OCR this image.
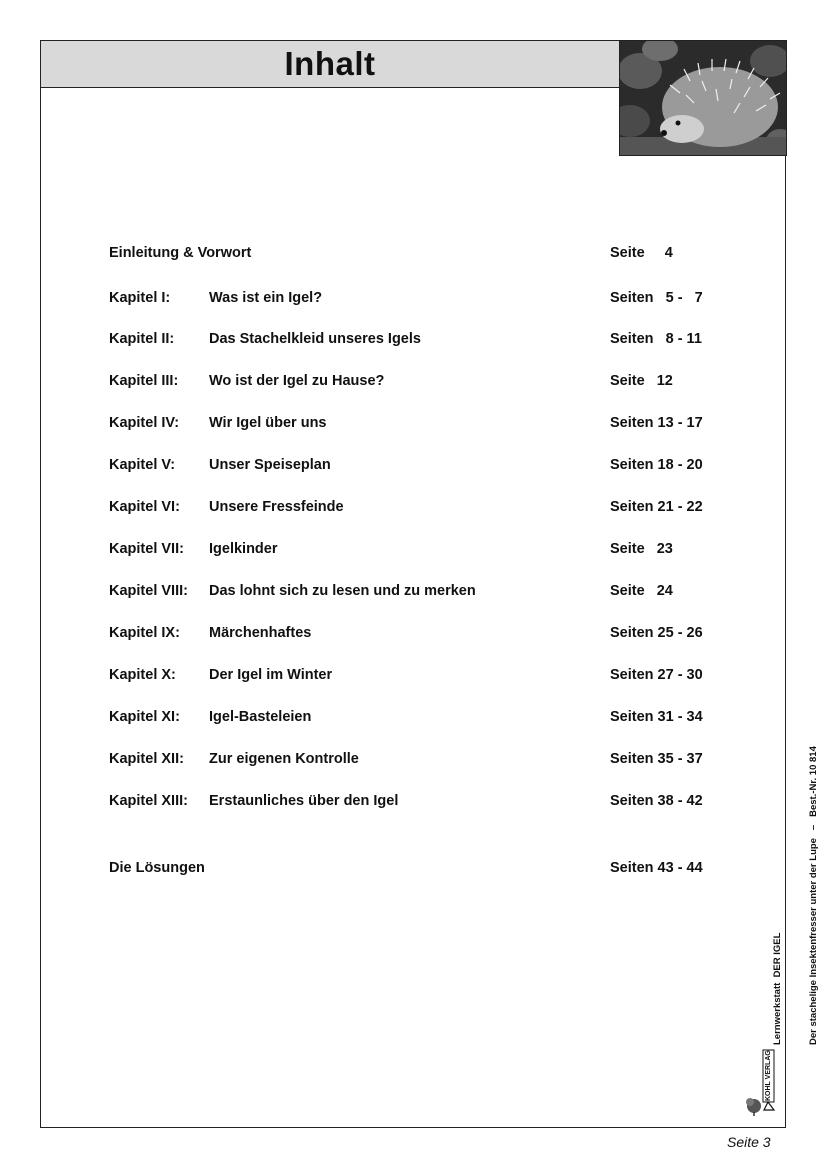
Inhalt
Einleitung & Vorwort	Seite     4
Kapitel I:	Was ist ein Igel?	Seiten   5 -   7
Kapitel II: Das Stachelkleid unseres Igels	Seiten   8 - 11
Kapitel III: Wo ist der Igel zu Hause?	Seite   12
Kapitel IV: Wir Igel über uns	Seiten 13 - 17
Kapitel V: Unser Speiseplan	Seiten 18 - 20
Kapitel VI: Unsere Fressfeinde	Seiten 21 - 22
Kapitel VII: Igelkinder	Seite   23
Kapitel VIII: Das lohnt sich zu lesen und zu merken	Seite   24
Kapitel IX: Märchenhaftes	Seiten 25 - 26
Kapitel X: Der Igel im Winter	Seiten 27 - 30
Kapitel XI: Igel-Basteleien	Seiten 31 - 34
Kapitel XII: Zur eigenen Kontrolle	Seiten 35 - 37
Kapitel XIII: Erstaunliches über den Igel	Seiten 38 - 42
Die Lösungen	Seiten 43 - 44

Lernwerkstatt  DER IGEL

	Der stachelige Insektenfresser unter der Lupe   –   Best.-Nr. 10 814

KOHL VERLAG
Seite 3
